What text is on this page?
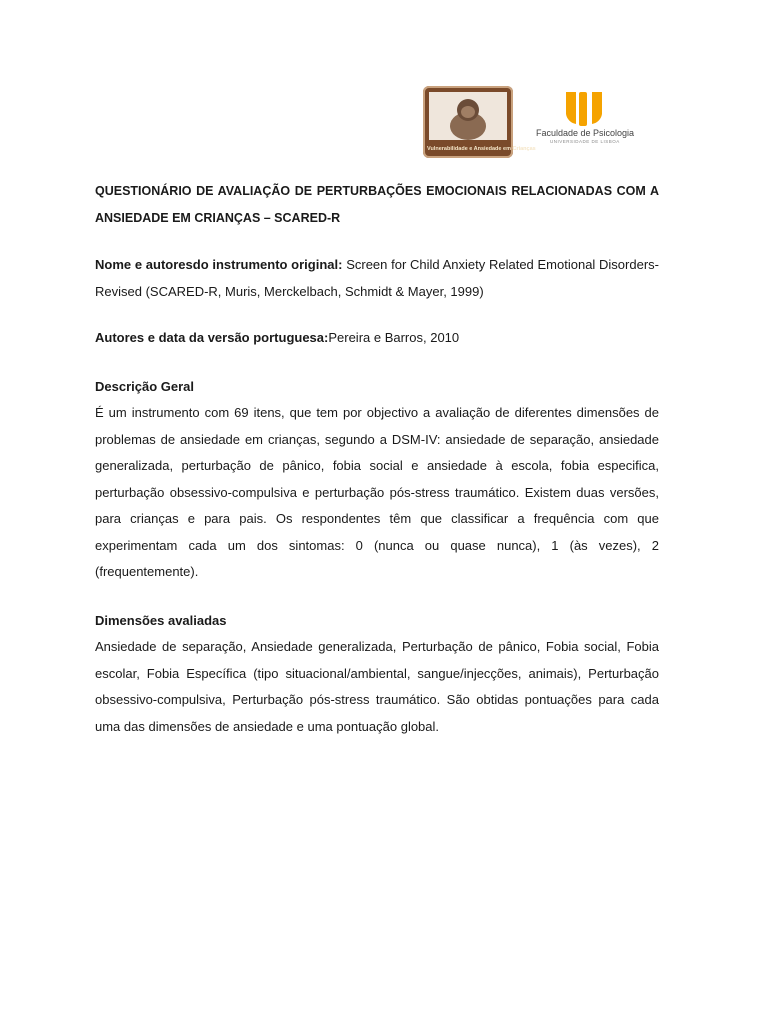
Vulnerabilidade e Ansiedade em Crianças
Faculdade de Psicologia
UNIVERSIDADE DE LISBOA
QUESTIONÁRIO DE AVALIAÇÃO DE PERTURBAÇÕES EMOCIONAIS RELACIONADAS COM A ANSIEDADE EM CRIANÇAS – SCARED-R
Nome e autoresdo instrumento original: Screen for Child Anxiety Related Emotional Disorders-Revised (SCARED-R, Muris, Merckelbach, Schmidt & Mayer, 1999)
Autores e data da versão portuguesa:Pereira e Barros, 2010
Descrição Geral
É um instrumento com 69 itens, que tem por objectivo a avaliação de diferentes dimensões de problemas de ansiedade em crianças, segundo a DSM-IV: ansiedade de separação, ansiedade generalizada, perturbação de pânico, fobia social e ansiedade à escola, fobia especifica, perturbação obsessivo-compulsiva e perturbação pós-stress traumático. Existem duas versões, para crianças e para pais. Os respondentes têm que classificar a frequência com que experimentam cada um dos sintomas: 0 (nunca ou quase nunca), 1 (às vezes), 2 (frequentemente).
Dimensões avaliadas
Ansiedade de separação, Ansiedade generalizada, Perturbação de pânico, Fobia social, Fobia escolar, Fobia Específica (tipo situacional/ambiental, sangue/injecções, animais), Perturbação obsessivo-compulsiva, Perturbação pós-stress traumático. São obtidas pontuações para cada uma das dimensões de ansiedade e uma pontuação global.
